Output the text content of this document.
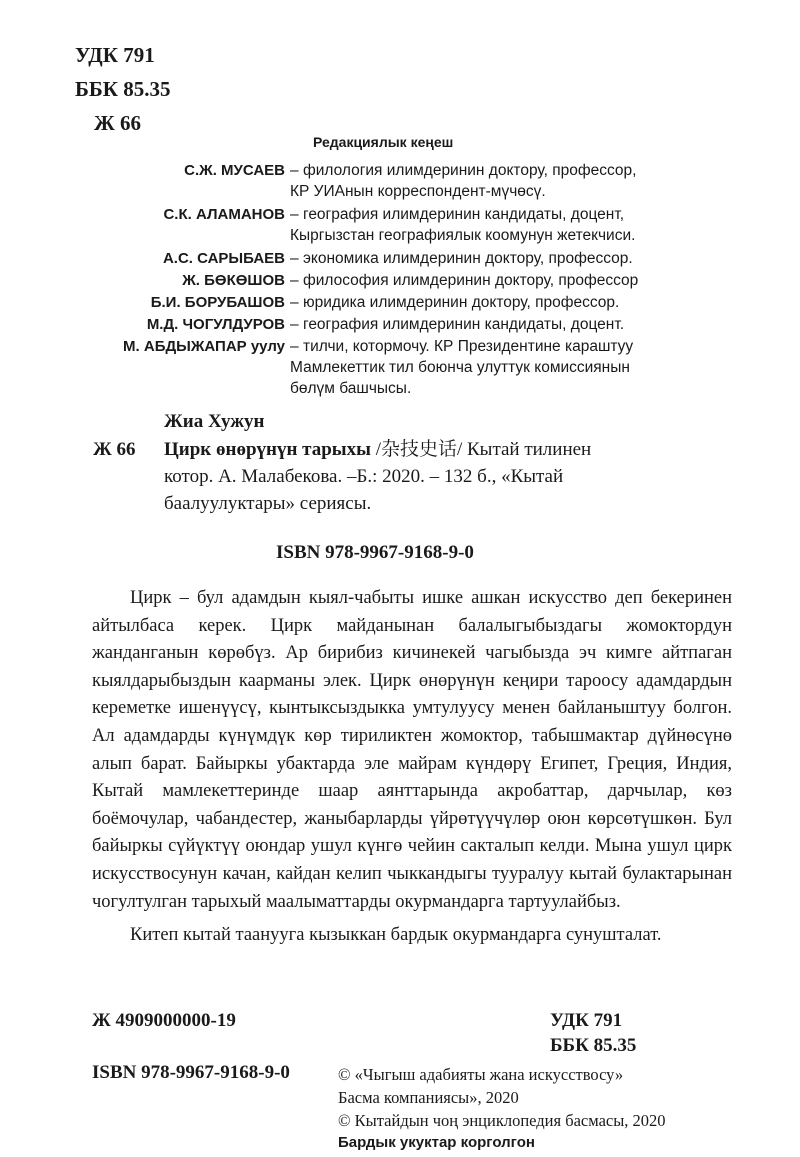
УДК 791
ББК 85.35
Ж 66
Редакциялык кеңеш
С.Ж. МУСАЕВ – филология илимдеринин доктору, профессор,
КР УИАнын корреспондент-мүчөсү.
С.К. АЛАМАНОВ – география илимдеринин кандидаты, доцент,
Кыргызстан географиялык коомунун жетекчиси.
А.С. САРЫБАЕВ – экономика илимдеринин доктору, профессор.
Ж. БӨКӨШОВ – философия илимдеринин доктору, профессор
Б.И. БОРУБАШОВ – юридика илимдеринин доктору, профессор.
М.Д. ЧОГУЛДУРОВ – география илимдеринин кандидаты, доцент.
М. АБДЫЖАПАР уулу – тилчи, котормочу. КР Президентине караштуу
Мамлекеттик тил боюнча улуттук комиссиянын
бөлүм башчысы.
Жиа Хужун
Ж 66 Цирк өнөрүнүн тарыхы /杂技史话/ Кытай тилинен
котор. А. Малабекова. –Б.: 2020. – 132 б., «Кытай
баалуулуктары» сериясы.
ISBN 978-9967-9168-9-0

Цирк – бул адамдын кыял-чабыты ишке ашкан искусство деп бекеринен айтылбаса керек. Цирк майданынан балалыгыбыздагы жомоктордун жанданганын көрөбүз. Ар бирибиз кичинекей чагыбызда эч кимге айтпаган кыялдарыбыздын каарманы элек. Цирк өнөрүнүн кеңири тароосу адамдардын кереметке ишенүүсү, кынтыксыздыкка умтулуусу менен байланыштуу болгон. Ал адамдарды күнүмдүк көр тириликтен жомоктор, табышмактар дүйнөсүнө алып барат. Байыркы убактарда эле майрам күндөрү Египет, Греция, Индия, Кытай мамлекеттеринде шаар аянттарында акробаттар, дарчылар, көз боёмочулар, чабандестер, жаныбарларды үйрөтүүчүлөр оюн көрсөтүшкөн. Бул байыркы сүйүктүү оюндар ушул күнгө чейин сакталып келди. Мына ушул цирк искусствосунун качан, кайдан келип чыккандыгы тууралуу кытай булактарынан чогултулган тарыхый маалыматтарды окурмандарга тартуулайбыз.

Китеп кытай таануугa кызыккан бардык окурмандарга сунушталат.

Ж 4909000000-19	УДК 791
ББК 85.35
ISBN 978-9967-9168-9-0	© «Чыгыш адабияты жана искусствосу»
Басма компаниясы», 2020
© Кытайдын чоң энциклопедия басмасы, 2020
Бардык укуктар корголгон
